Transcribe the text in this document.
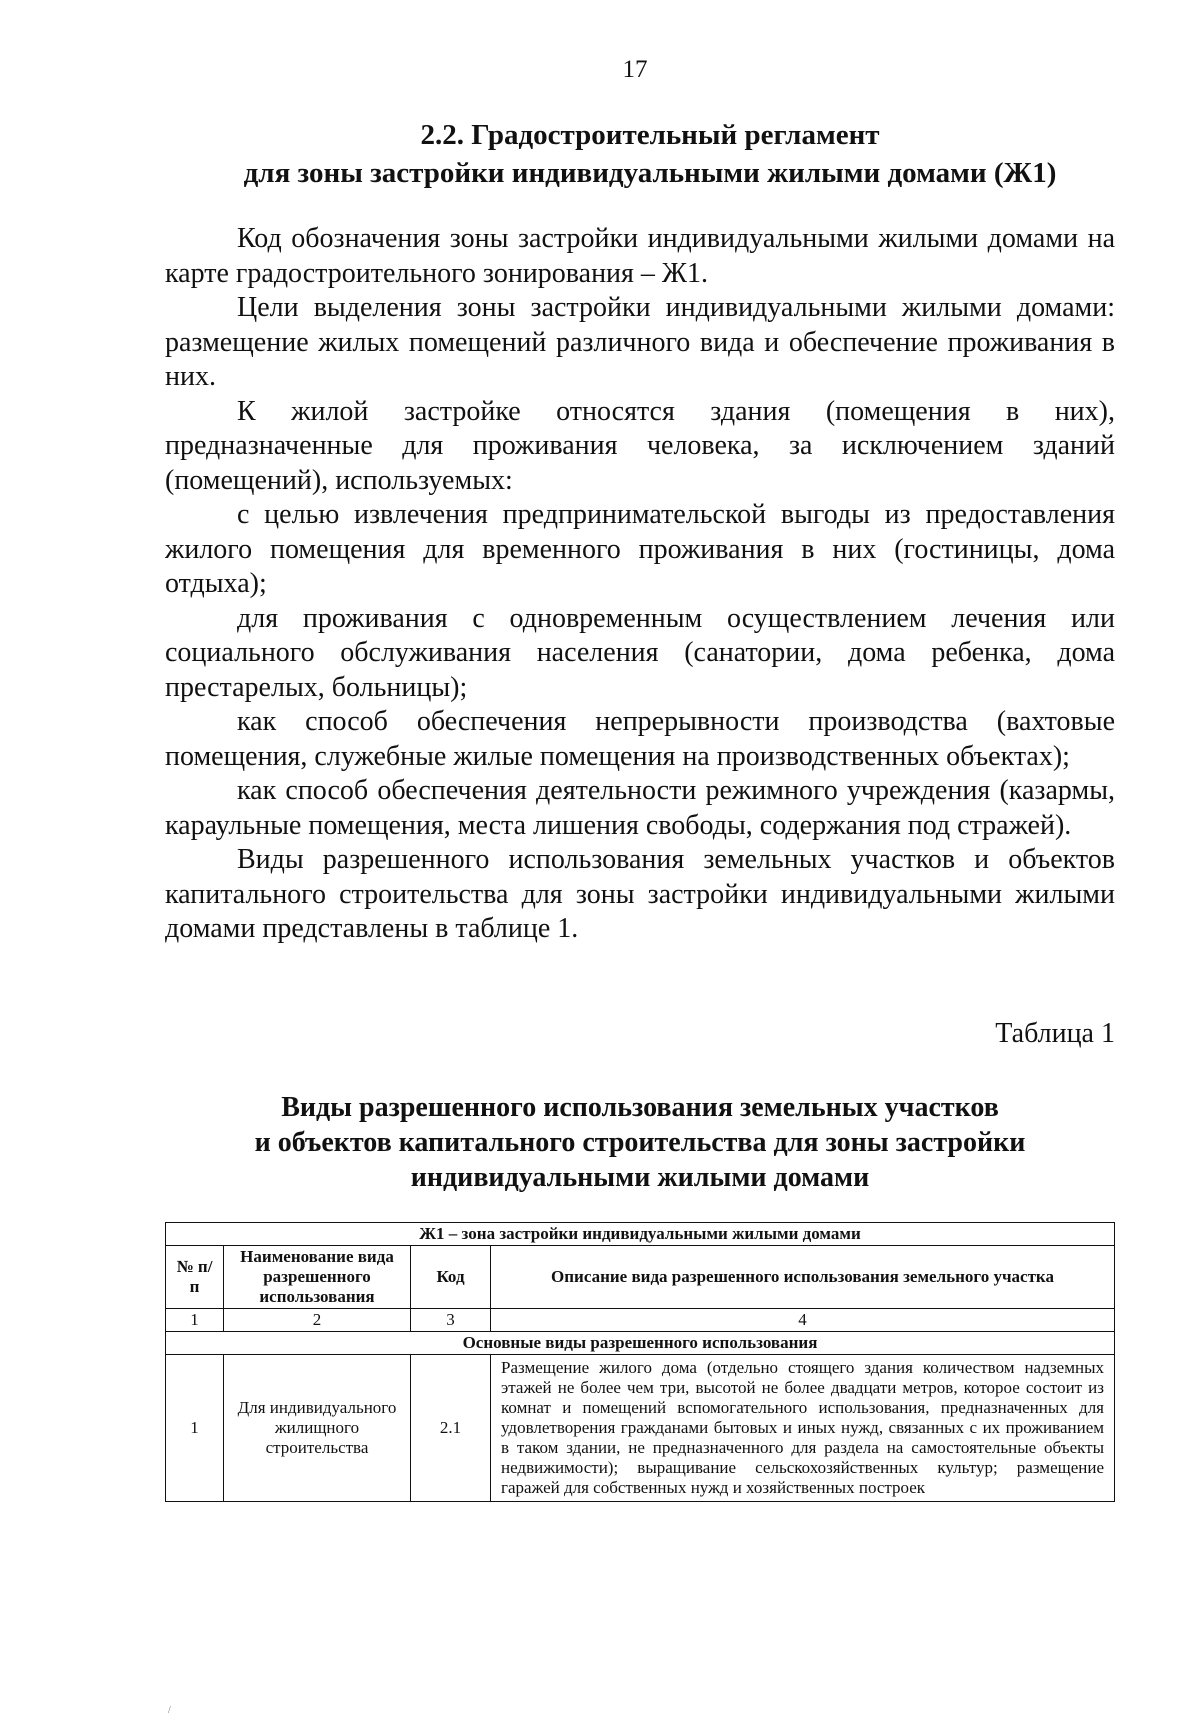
17
2.2. Градостроительный регламент
для зоны застройки индивидуальными жилыми домами (Ж1)

Код обозначения зоны застройки индивидуальными жилыми домами на карте градостроительного зонирования – Ж1.

Цели выделения зоны застройки индивидуальными жилыми домами: размещение жилых помещений различного вида и обеспечение проживания в них.

К жилой застройке относятся здания (помещения в них), предназначенные для проживания человека, за исключением зданий (помещений), используемых:

с целью извлечения предпринимательской выгоды из предоставления жилого помещения для временного проживания в них (гостиницы, дома отдыха);

для проживания с одновременным осуществлением лечения или социального обслуживания населения (санатории, дома ребенка, дома престарелых, больницы);

как способ обеспечения непрерывности производства (вахтовые помещения, служебные жилые помещения на производственных объектах);

как способ обеспечения деятельности режимного учреждения (казармы, караульные помещения, места лишения свободы, содержания под стражей).

Виды разрешенного использования земельных участков и объектов капитального строительства для зоны застройки индивидуальными жилыми домами представлены в таблице 1.

Таблица 1
Виды разрешенного использования земельных участков
и объектов капитального строительства для зоны застройки
индивидуальными жилыми домами
Ж1 – зона застройки индивидуальными жилыми домами			
№ п/п	Наименование вида разрешенного использования	Код	Описание вида разрешенного использования земельного участка
1	2	3	4
Основные виды разрешенного использования			
1	Для индивидуального жилищного строительства	2.1	Размещение жилого дома (отдельно стоящего здания количеством надземных этажей не более чем три, высотой не более двадцати метров, которое состоит из комнат и помещений вспомогательного использования, предназначенных для удовлетворения гражданами бытовых и иных нужд, связанных с их проживанием в таком здании, не предназначенного для раздела на самостоятельные объекты недвижимости); выращивание сельскохозяйственных культур; размещение гаражей для собственных нужд и хозяйственных построек
/
